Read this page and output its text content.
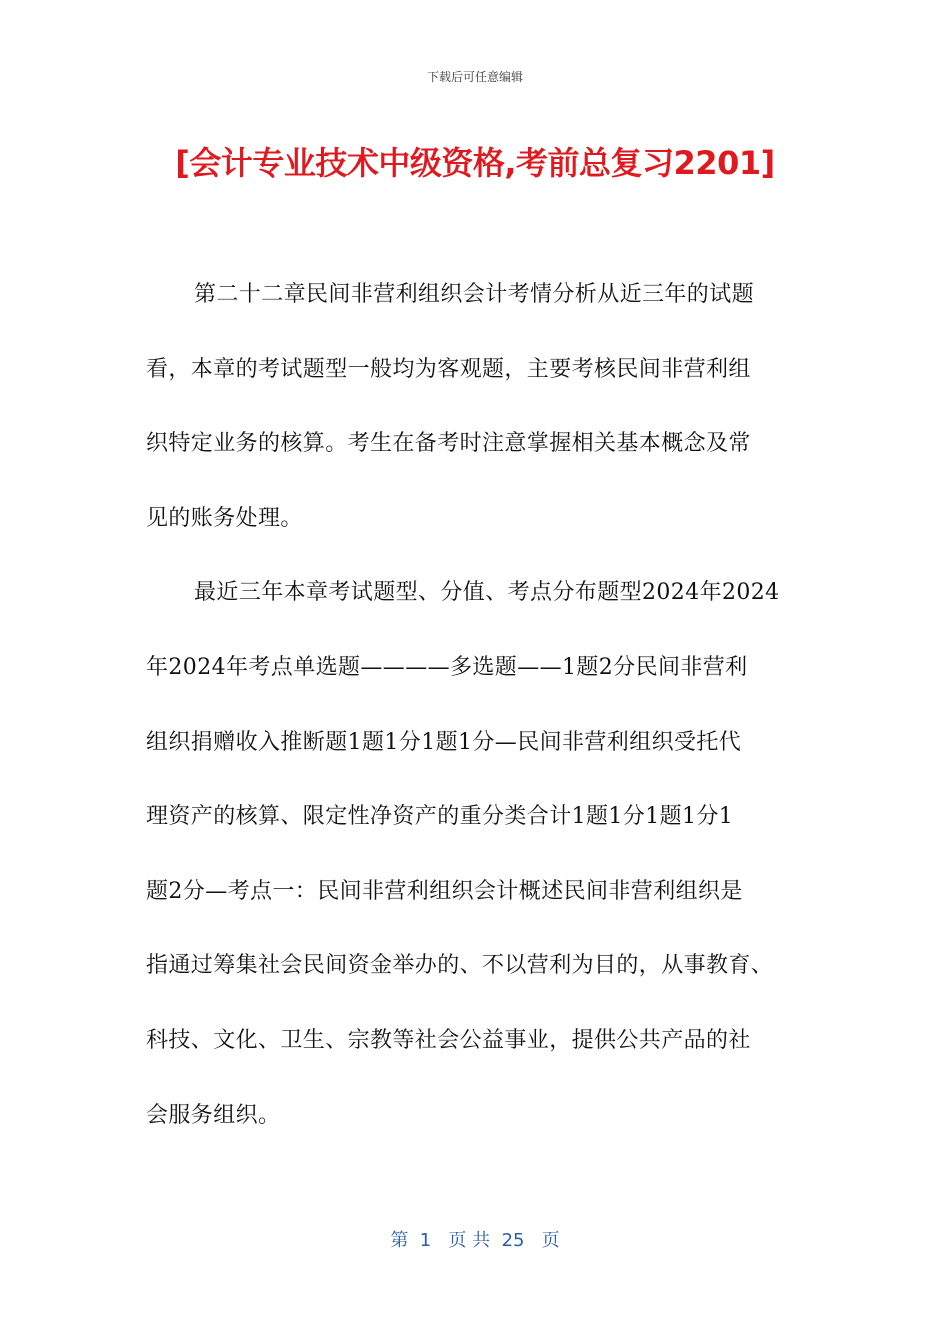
下载后可任意编辑
[会计专业技术中级资格,考前总复习2201]
第二十二章民间非营利组织会计考情分析从近三年的试题
看，本章的考试题型一般均为客观题，主要考核民间非营利组
织特定业务的核算。考生在备考时注意掌握相关基本概念及常
见的账务处理。
最近三年本章考试题型、分值、考点分布题型2024年2024
年2024年考点单选题————多选题——1题2分民间非营利
组织捐赠收入推断题1题1分1题1分—民间非营利组织受托代
理资产的核算、限定性净资产的重分类合计1题1分1题1分1
题2分—考点一：民间非营利组织会计概述民间非营利组织是
指通过筹集社会民间资金举办的、不以营利为目的，从事教育、
科技、文化、卫生、宗教等社会公益事业，提供公共产品的社
会服务组织。
第  1   页 共  25   页
